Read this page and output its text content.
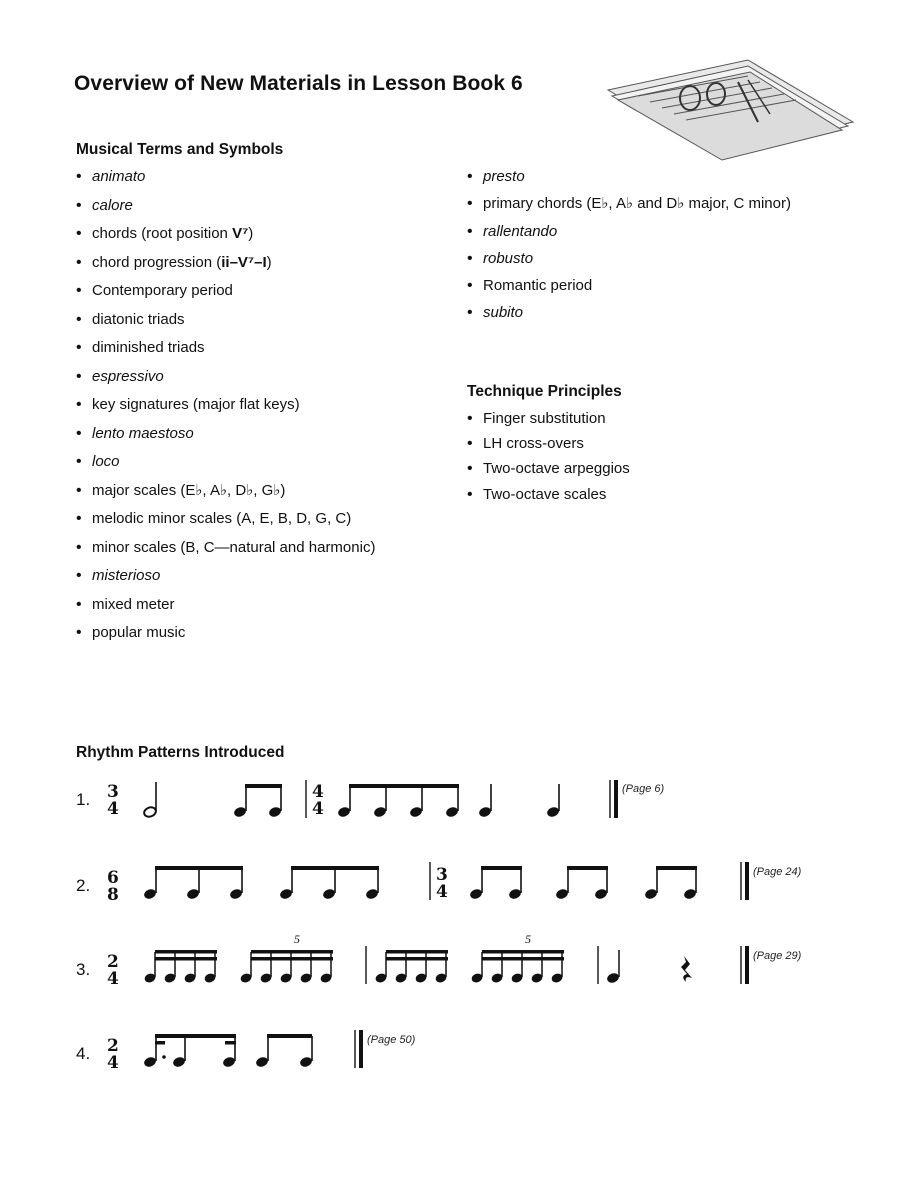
Overview of New Materials in Lesson Book 6
Musical Terms and Symbols
• animato
• calore
• chords (root position V⁷)
• chord progression (ii–V⁷–I)
• Contemporary period
• diatonic triads
• diminished triads
• espressivo
• key signatures (major flat keys)
• lento maestoso
• loco
• major scales (E♭, A♭, D♭, G♭)
• melodic minor scales (A, E, B, D, G, C)
• minor scales (B, C—natural and harmonic)
• misterioso
• mixed meter
• popular music
• presto
• primary chords (E♭, A♭ and D♭ major, C minor)
• rallentando
• robusto
• Romantic period
• subito
Technique Principles
• Finger substitution
• LH cross-overs
• Two-octave arpeggios
• Two-octave scales
Rhythm Patterns Introduced
1. 3
4
4
4
(Page 6)
2. 6
8
3
4
(Page 24)
3. 2
4
5	5
(Page 29)
4. 2
4
(Page 50)
